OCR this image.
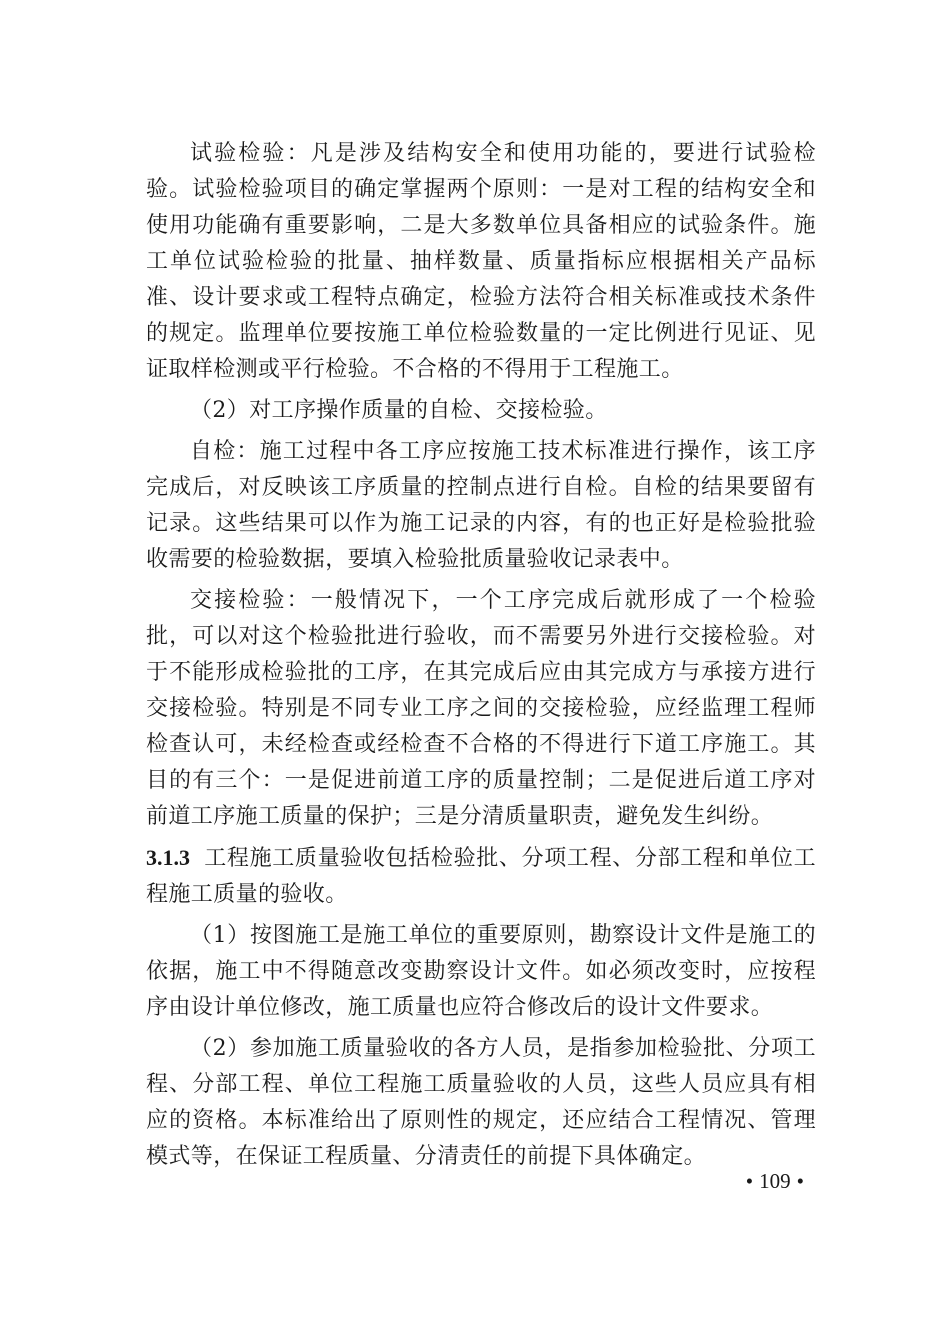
试验检验：凡是涉及结构安全和使用功能的，要进行试验检验。试验检验项目的确定掌握两个原则：一是对工程的结构安全和使用功能确有重要影响，二是大多数单位具备相应的试验条件。施工单位试验检验的批量、抽样数量、质量指标应根据相关产品标准、设计要求或工程特点确定，检验方法符合相关标准或技术条件的规定。监理单位要按施工单位检验数量的一定比例进行见证、见证取样检测或平行检验。不合格的不得用于工程施工。

（2）对工序操作质量的自检、交接检验。

自检：施工过程中各工序应按施工技术标准进行操作，该工序完成后，对反映该工序质量的控制点进行自检。自检的结果要留有记录。这些结果可以作为施工记录的内容，有的也正好是检验批验收需要的检验数据，要填入检验批质量验收记录表中。

交接检验：一般情况下，一个工序完成后就形成了一个检验批，可以对这个检验批进行验收，而不需要另外进行交接检验。对于不能形成检验批的工序，在其完成后应由其完成方与承接方进行交接检验。特别是不同专业工序之间的交接检验，应经监理工程师检查认可，未经检查或经检查不合格的不得进行下道工序施工。其目的有三个：一是促进前道工序的质量控制；二是促进后道工序对前道工序施工质量的保护；三是分清质量职责，避免发生纠纷。

3.1.3 工程施工质量验收包括检验批、分项工程、分部工程和单位工程施工质量的验收。

（1）按图施工是施工单位的重要原则，勘察设计文件是施工的依据，施工中不得随意改变勘察设计文件。如必须改变时，应按程序由设计单位修改，施工质量也应符合修改后的设计文件要求。

（2）参加施工质量验收的各方人员，是指参加检验批、分项工程、分部工程、单位工程施工质量验收的人员，这些人员应具有相应的资格。本标准给出了原则性的规定，还应结合工程情况、管理模式等，在保证工程质量、分清责任的前提下具体确定。

• 109 •
